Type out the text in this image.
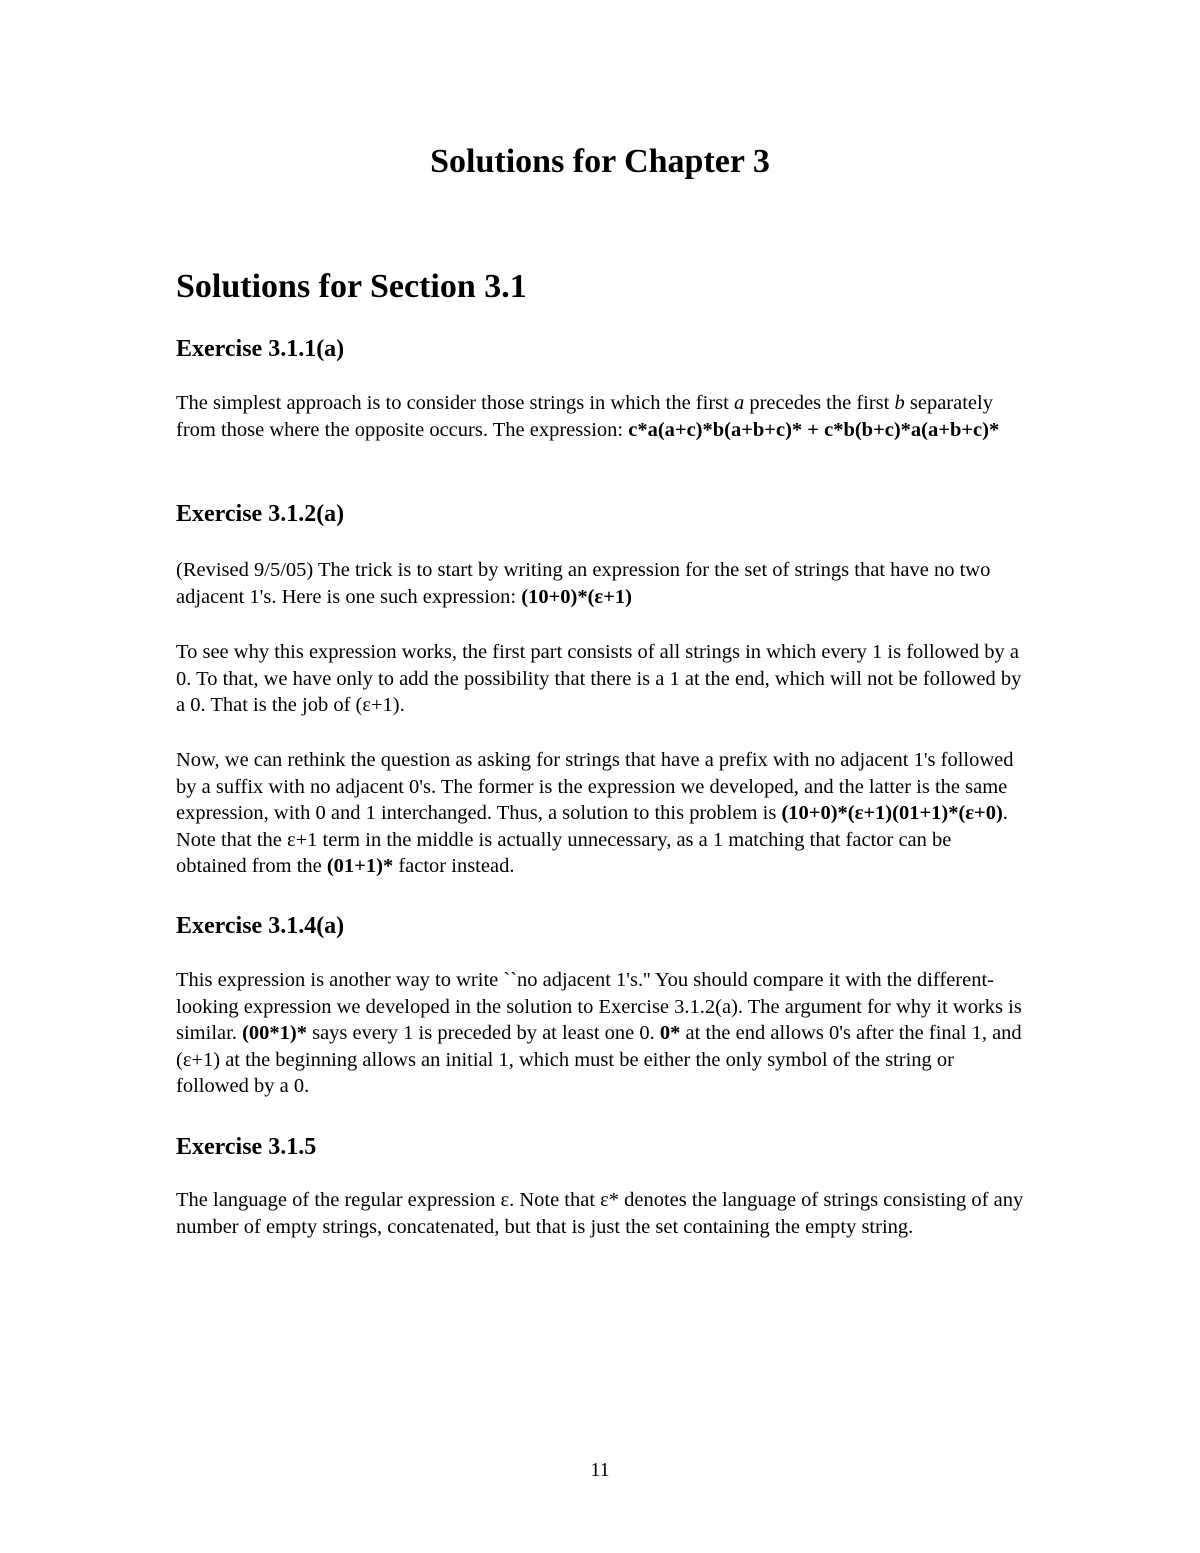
Solutions for Chapter 3
Solutions for Section 3.1
Exercise 3.1.1(a)

The simplest approach is to consider those strings in which the first a precedes the first b separately from those where the opposite occurs. The expression: c*a(a+c)*b(a+b+c)* + c*b(b+c)*a(a+b+c)*

Exercise 3.1.2(a)

(Revised 9/5/05) The trick is to start by writing an expression for the set of strings that have no two adjacent 1's. Here is one such expression: (10+0)*(ε+1)

To see why this expression works, the first part consists of all strings in which every 1 is followed by a 0. To that, we have only to add the possibility that there is a 1 at the end, which will not be followed by a 0. That is the job of (ε+1).

Now, we can rethink the question as asking for strings that have a prefix with no adjacent 1's followed by a suffix with no adjacent 0's. The former is the expression we developed, and the latter is the same expression, with 0 and 1 interchanged. Thus, a solution to this problem is (10+0)*(ε+1)(01+1)*(ε+0). Note that the ε+1 term in the middle is actually unnecessary, as a 1 matching that factor can be obtained from the (01+1)* factor instead.

Exercise 3.1.4(a)

This expression is another way to write ``no adjacent 1's.'' You should compare it with the different-looking expression we developed in the solution to Exercise 3.1.2(a). The argument for why it works is similar. (00*1)* says every 1 is preceded by at least one 0. 0* at the end allows 0's after the final 1, and (ε+1) at the beginning allows an initial 1, which must be either the only symbol of the string or followed by a 0.

Exercise 3.1.5

The language of the regular expression ε. Note that ε* denotes the language of strings consisting of any number of empty strings, concatenated, but that is just the set containing the empty string.

11
